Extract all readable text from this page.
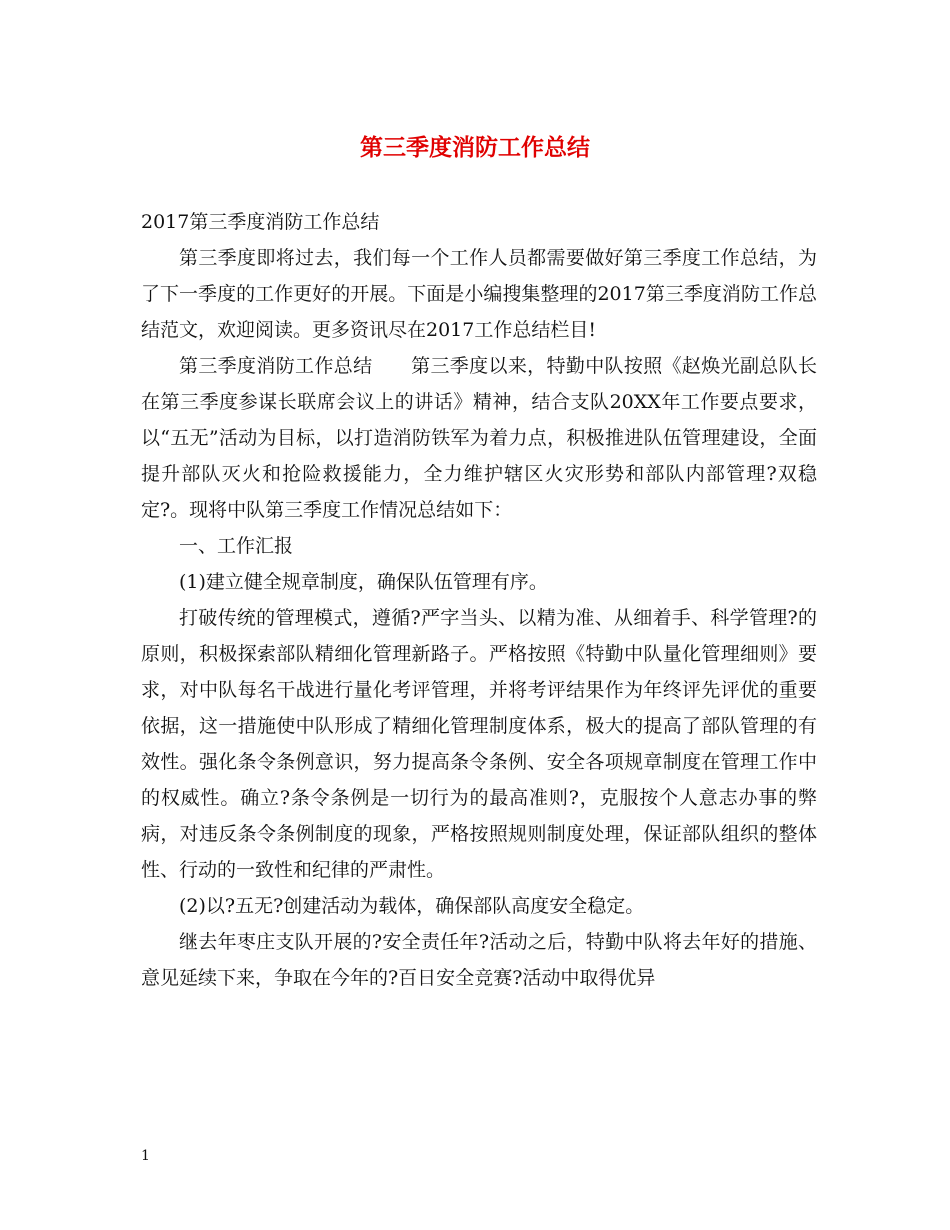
第三季度消防工作总结

2017第三季度消防工作总结

第三季度即将过去，我们每一个工作人员都需要做好第三季度工作总结，为了下一季度的工作更好的开展。下面是小编搜集整理的2017第三季度消防工作总结范文，欢迎阅读。更多资讯尽在2017工作总结栏目!

第三季度消防工作总结　　第三季度以来，特勤中队按照《赵焕光副总队长在第三季度参谋长联席会议上的讲话》精神，结合支队20XX年工作要点要求，以“五无”活动为目标，以打造消防铁军为着力点，积极推进队伍管理建设，全面提升部队灭火和抢险救援能力，全力维护辖区火灾形势和部队内部管理?双稳定?。现将中队第三季度工作情况总结如下：

一、工作汇报

(1)建立健全规章制度，确保队伍管理有序。

打破传统的管理模式，遵循?严字当头、以精为准、从细着手、科学管理?的原则，积极探索部队精细化管理新路子。严格按照《特勤中队量化管理细则》要求，对中队每名干战进行量化考评管理，并将考评结果作为年终评先评优的重要依据，这一措施使中队形成了精细化管理制度体系，极大的提高了部队管理的有效性。强化条令条例意识，努力提高条令条例、安全各项规章制度在管理工作中的权威性。确立?条令条例是一切行为的最高准则?，克服按个人意志办事的弊病，对违反条令条例制度的现象，严格按照规则制度处理，保证部队组织的整体性、行动的一致性和纪律的严肃性。

(2)以?五无?创建活动为载体，确保部队高度安全稳定。

继去年枣庄支队开展的?安全责任年?活动之后，特勤中队将去年好的措施、意见延续下来，争取在今年的?百日安全竞赛?活动中取得优异

1
